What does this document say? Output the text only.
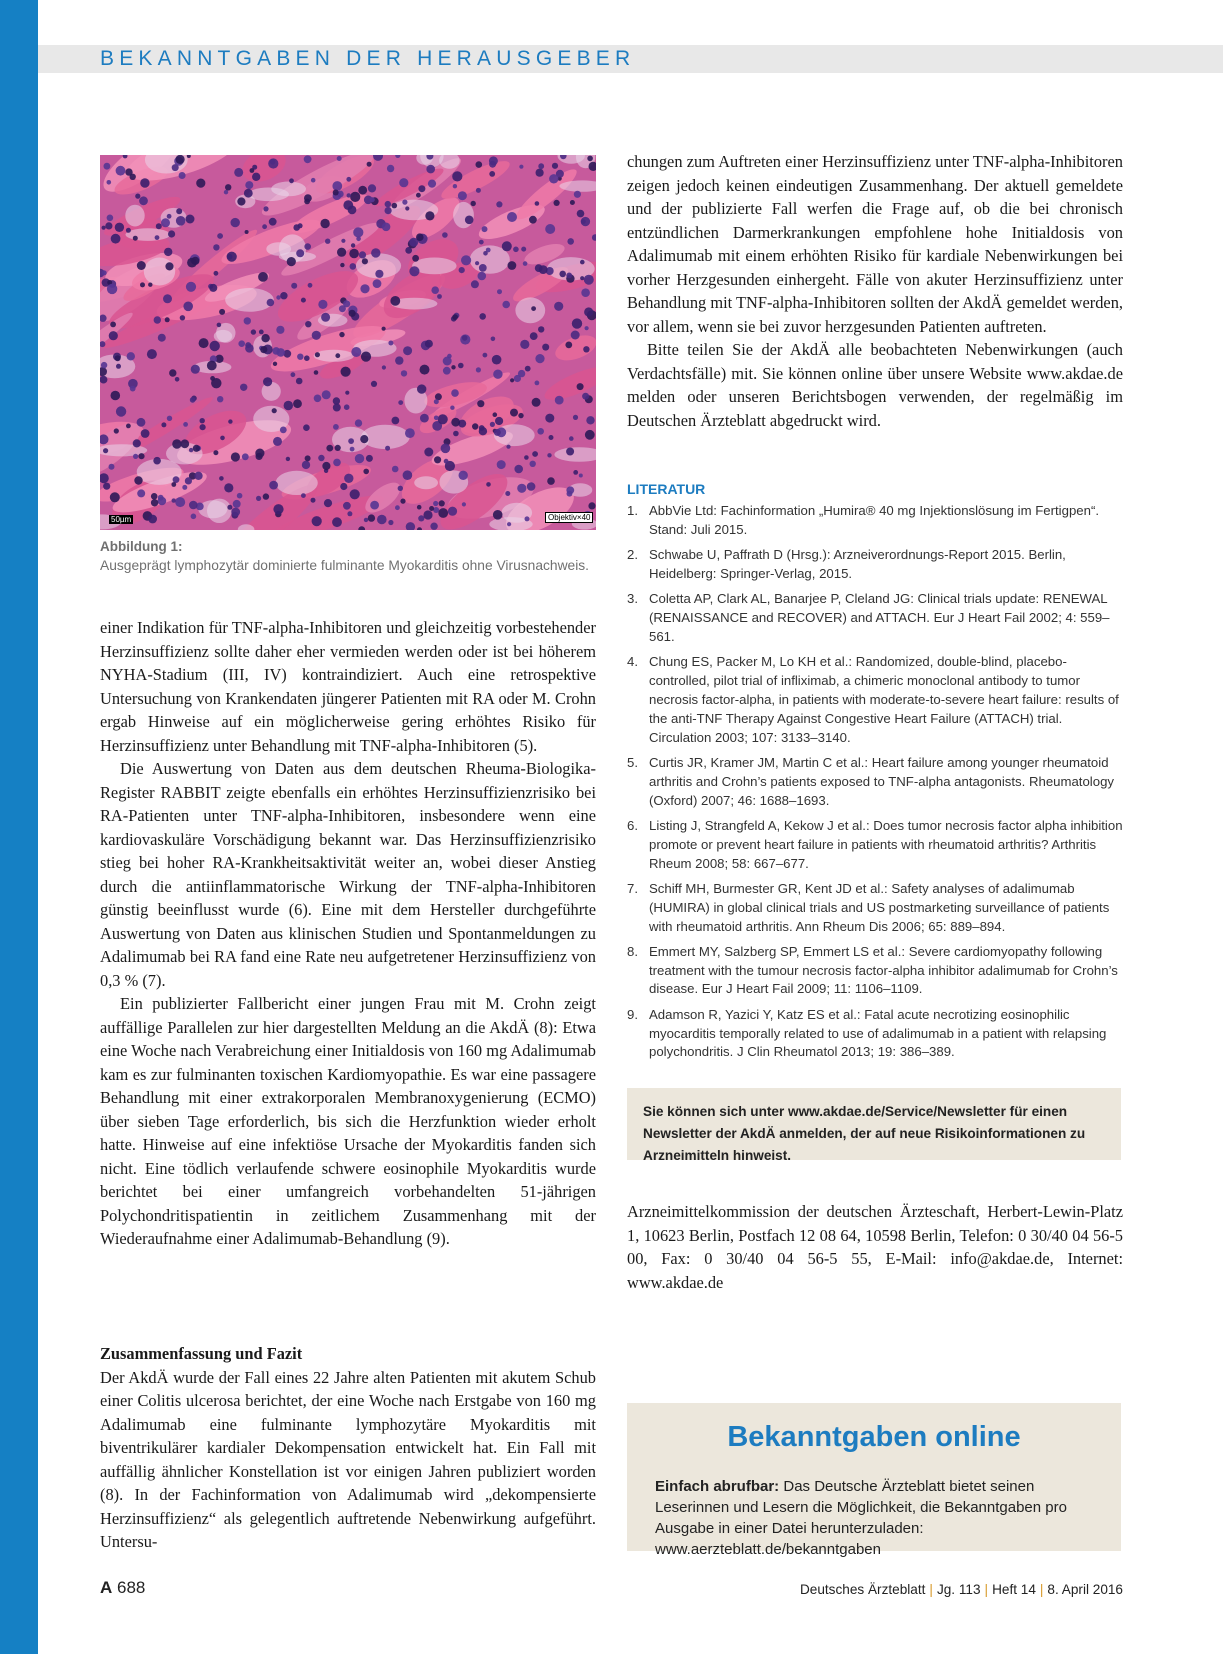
BEKANNTGABEN DER HERAUSGEBER
50µm	Objektiv×40
Abbildung 1:
Ausgeprägt lymphozytär dominierte fulminante Myokarditis ohne Virusnachweis.

einer Indikation für TNF-alpha-Inhibitoren und gleichzeitig vorbestehender Herzinsuffizienz sollte daher eher vermieden werden oder ist bei höherem NYHA-Stadium (III, IV) kontraindiziert. Auch eine retrospektive Untersuchung von Krankendaten jüngerer Patienten mit RA oder M. Crohn ergab Hinweise auf ein möglicherweise gering erhöhtes Risiko für Herzinsuffizienz unter Behandlung mit TNF-alpha-Inhibitoren (5).

Die Auswertung von Daten aus dem deutschen Rheuma-Biologika-Register RABBIT zeigte ebenfalls ein erhöhtes Herzinsuffizienzrisiko bei RA-Patienten unter TNF-alpha-Inhibitoren, insbesondere wenn eine kardiovaskuläre Vorschädigung bekannt war. Das Herzinsuffizienzrisiko stieg bei hoher RA-Krankheitsaktivität weiter an, wobei dieser Anstieg durch die antiinflammatorische Wirkung der TNF-alpha-Inhibitoren günstig beeinflusst wurde (6). Eine mit dem Hersteller durchgeführte Auswertung von Daten aus klinischen Studien und Spontanmeldungen zu Adalimumab bei RA fand eine Rate neu aufgetretener Herzinsuffizienz von 0,3 % (7).

Ein publizierter Fallbericht einer jungen Frau mit M. Crohn zeigt auffällige Parallelen zur hier dargestellten Meldung an die AkdÄ (8): Etwa eine Woche nach Verabreichung einer Initialdosis von 160 mg Adalimumab kam es zur fulminanten toxischen Kardiomyopathie. Es war eine passagere Behandlung mit einer extrakorporalen Membranoxygenierung (ECMO) über sieben Tage erforderlich, bis sich die Herzfunktion wieder erholt hatte. Hinweise auf eine infektiöse Ursache der Myokarditis fanden sich nicht. Eine tödlich verlaufende schwere eosinophile Myokarditis wurde berichtet bei einer umfangreich vorbehandelten 51-jährigen Polychondritispatientin in zeitlichem Zusammenhang mit der Wiederaufnahme einer Adalimumab-Behandlung (9).

Zusammenfassung und Fazit

Der AkdÄ wurde der Fall eines 22 Jahre alten Patienten mit akutem Schub einer Colitis ulcerosa berichtet, der eine Woche nach Erstgabe von 160 mg Adalimumab eine fulminante lymphozytäre Myokarditis mit biventrikulärer kardialer Dekompensation entwickelt hat. Ein Fall mit auffällig ähnlicher Konstellation ist vor einigen Jahren publiziert worden (8). In der Fachinformation von Adalimumab wird „dekompensierte Herzinsuffizienz“ als gelegentlich auftretende Nebenwirkung aufgeführt. Untersu-

chungen zum Auftreten einer Herzinsuffizienz unter TNF-alpha-Inhibitoren zeigen jedoch keinen eindeutigen Zusammenhang. Der aktuell gemeldete und der publizierte Fall werfen die Frage auf, ob die bei chronisch entzündlichen Darmerkrankungen empfohlene hohe Initialdosis von Adalimumab mit einem erhöhten Risiko für kardiale Nebenwirkungen bei vorher Herzgesunden einhergeht. Fälle von akuter Herzinsuffizienz unter Behandlung mit TNF-alpha-Inhibitoren sollten der AkdÄ gemeldet werden, vor allem, wenn sie bei zuvor herzgesunden Patienten auftreten.

Bitte teilen Sie der AkdÄ alle beobachteten Nebenwirkungen (auch Verdachtsfälle) mit. Sie können online über unsere Website www.akdae.de melden oder unseren Berichtsbogen verwenden, der regelmäßig im Deutschen Ärzteblatt abgedruckt wird.

LITERATUR
1. AbbVie Ltd: Fachinformation „Humira® 40 mg Injektionslösung im Fertigpen“. Stand: Juli 2015.
2. Schwabe U, Paffrath D (Hrsg.): Arzneiverordnungs-Report 2015. Berlin, Heidelberg: Springer-Verlag, 2015.
3. Coletta AP, Clark AL, Banarjee P, Cleland JG: Clinical trials update: RENEWAL (RENAISSANCE and RECOVER) and ATTACH. Eur J Heart Fail 2002; 4: 559–561.
4. Chung ES, Packer M, Lo KH et al.: Randomized, double-blind, placebo-controlled, pilot trial of infliximab, a chimeric monoclonal antibody to tumor necrosis factor-alpha, in patients with moderate-to-severe heart failure: results of the anti-TNF Therapy Against Congestive Heart Failure (ATTACH) trial. Circulation 2003; 107: 3133–3140.
5. Curtis JR, Kramer JM, Martin C et al.: Heart failure among younger rheumatoid arthritis and Crohn’s patients exposed to TNF-alpha antagonists. Rheumatology (Oxford) 2007; 46: 1688–1693.
6. Listing J, Strangfeld A, Kekow J et al.: Does tumor necrosis factor alpha inhibition promote or prevent heart failure in patients with rheumatoid arthritis? Arthritis Rheum 2008; 58: 667–677.
7. Schiff MH, Burmester GR, Kent JD et al.: Safety analyses of adalimumab (HUMIRA) in global clinical trials and US postmarketing surveillance of patients with rheumatoid arthritis. Ann Rheum Dis 2006; 65: 889–894.
8. Emmert MY, Salzberg SP, Emmert LS et al.: Severe cardiomyopathy following treatment with the tumour necrosis factor-alpha inhibitor adalimumab for Crohn’s disease. Eur J Heart Fail 2009; 11: 1106–1109.
9. Adamson R, Yazici Y, Katz ES et al.: Fatal acute necrotizing eosinophilic myocarditis temporally related to use of adalimumab in a patient with relapsing polychondritis. J Clin Rheumatol 2013; 19: 386–389.
Sie können sich unter www.akdae.de/Service/Newsletter für einen Newsletter der AkdÄ anmelden, der auf neue Risikoinformationen zu Arzneimitteln hinweist.
Arzneimittelkommission der deutschen Ärzteschaft, Herbert-Lewin-Platz 1, 10623 Berlin, Postfach 12 08 64, 10598 Berlin, Telefon: 0 30/40 04 56-5 00, Fax: 0 30/40 04 56-5 55, E-Mail: info@akdae.de, Internet: www.akdae.de
Bekanntgaben online
Einfach abrufbar: Das Deutsche Ärzteblatt bietet seinen Leserinnen und Lesern die Möglichkeit, die Bekanntgaben pro Ausgabe in einer Datei herunterzuladen: www.aerzteblatt.de/bekanntgaben
A 688	Deutsches Ärzteblatt | Jg. 113 | Heft 14 | 8. April 2016
